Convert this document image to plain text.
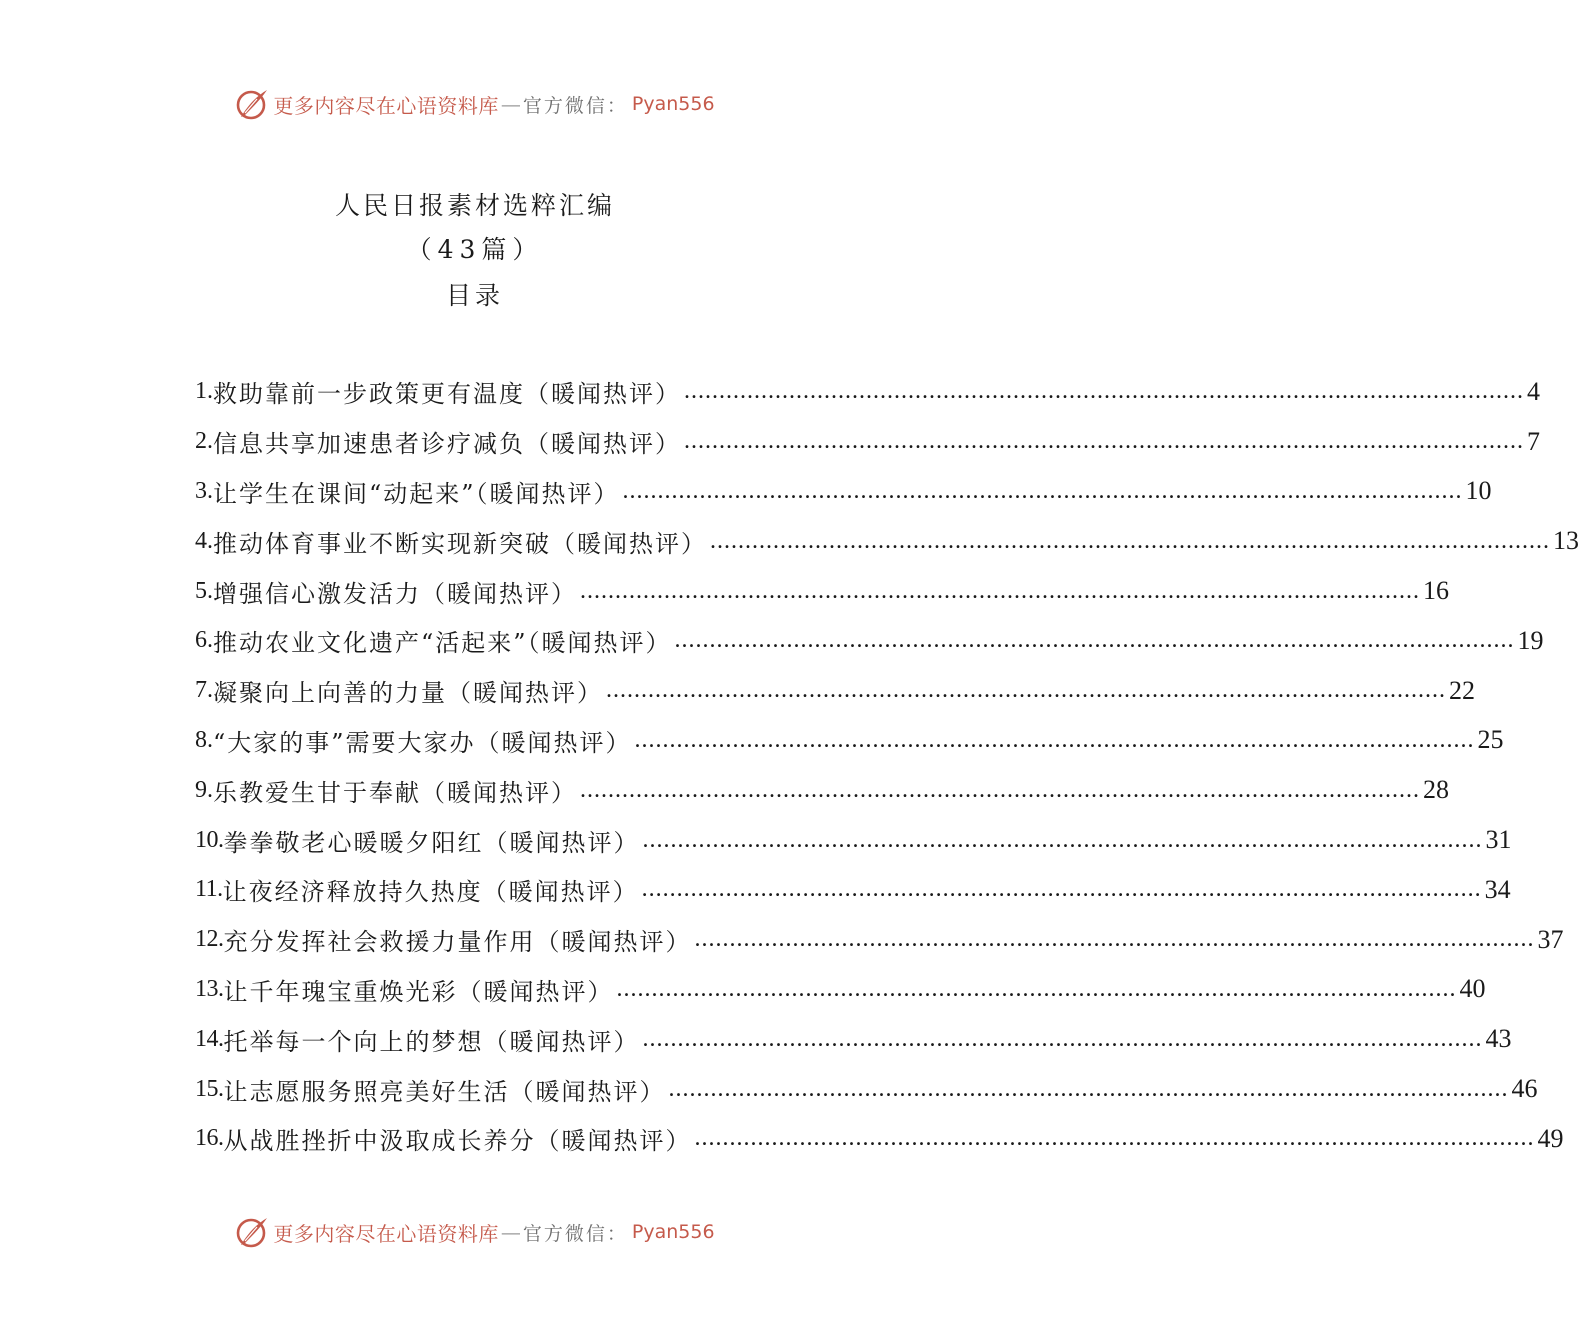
更多内容尽在心语资料库 — 官方微信： Pyan556
人民日报素材选粹汇编
（43篇）
目录
1. 救助靠前一步政策更有温度（暖闻热评） ........................................................................................................................ 4
2. 信息共享加速患者诊疗减负（暖闻热评） ........................................................................................................................ 7
3. 让学生在课间“动起来”（暖闻热评） ........................................................................................................................ 10
4. 推动体育事业不断实现新突破（暖闻热评） ........................................................................................................................ 13
5. 增强信心激发活力（暖闻热评） ........................................................................................................................ 16
6. 推动农业文化遗产“活起来”（暖闻热评） ........................................................................................................................ 19
7. 凝聚向上向善的力量（暖闻热评） ........................................................................................................................ 22
8. “大家的事”需要大家办（暖闻热评） ........................................................................................................................ 25
9. 乐教爱生甘于奉献（暖闻热评） ........................................................................................................................ 28
10. 拳拳敬老心暖暖夕阳红（暖闻热评） ........................................................................................................................ 31
11. 让夜经济释放持久热度（暖闻热评） ........................................................................................................................ 34
12. 充分发挥社会救援力量作用（暖闻热评） ........................................................................................................................ 37
13. 让千年瑰宝重焕光彩（暖闻热评） ........................................................................................................................ 40
14. 托举每一个向上的梦想（暖闻热评） ........................................................................................................................ 43
15. 让志愿服务照亮美好生活（暖闻热评） ........................................................................................................................ 46
16. 从战胜挫折中汲取成长养分（暖闻热评） ........................................................................................................................ 49
更多内容尽在心语资料库 — 官方微信： Pyan556
